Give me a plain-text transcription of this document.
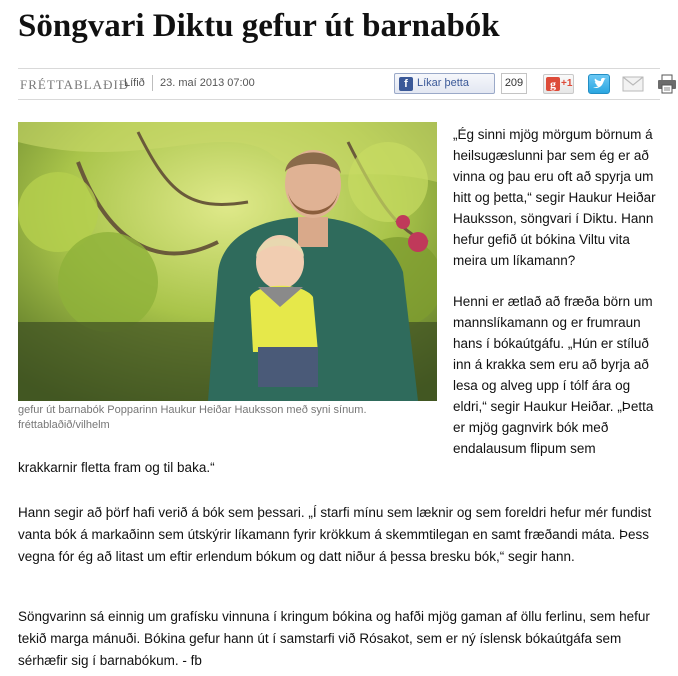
Söngvari Diktu gefur út barnabók
FRÉTTABLAÐIÐ
Lífið 23. maí 2013 07:00	f Líkar þetta	209	g +1
gefur út barnabók Popparinn Haukur Heiðar Hauksson með syni sínum. fréttablaðið/vilhelm

„Ég sinni mjög mörgum börnum á heilsugæslunni þar sem ég er að vinna og þau eru oft að spyrja um hitt og þetta,“ segir Haukur Heiðar Hauksson, söngvari í Diktu. Hann hefur gefið út bókina Viltu vita meira um líkamann?

Henni er ætlað að fræða börn um mannslíkamann og er frumraun hans í bókaútgáfu. „Hún er stíluð inn á krakka sem eru að byrja að lesa og alveg upp í tólf ára og eldri,“ segir Haukur Heiðar. „Þetta er mjög gagnvirk bók með endalausum flipum sem

krakkarnir fletta fram og til baka.“

Hann segir að þörf hafi verið á bók sem þessari. „Í starfi mínu sem læknir og sem foreldri hefur mér fundist vanta bók á markaðinn sem útskýrir líkamann fyrir krökkum á skemmtilegan en samt fræðandi máta. Þess vegna fór ég að litast um eftir erlendum bókum og datt niður á þessa bresku bók,“ segir hann.

Söngvarinn sá einnig um grafísku vinnuna í kringum bókina og hafði mjög gaman af öllu ferlinu, sem hefur tekið marga mánuði. Bókina gefur hann út í samstarfi við Rósakot, sem er ný íslensk bókaútgáfa sem sérhæfir sig í barnabókum. - fb
